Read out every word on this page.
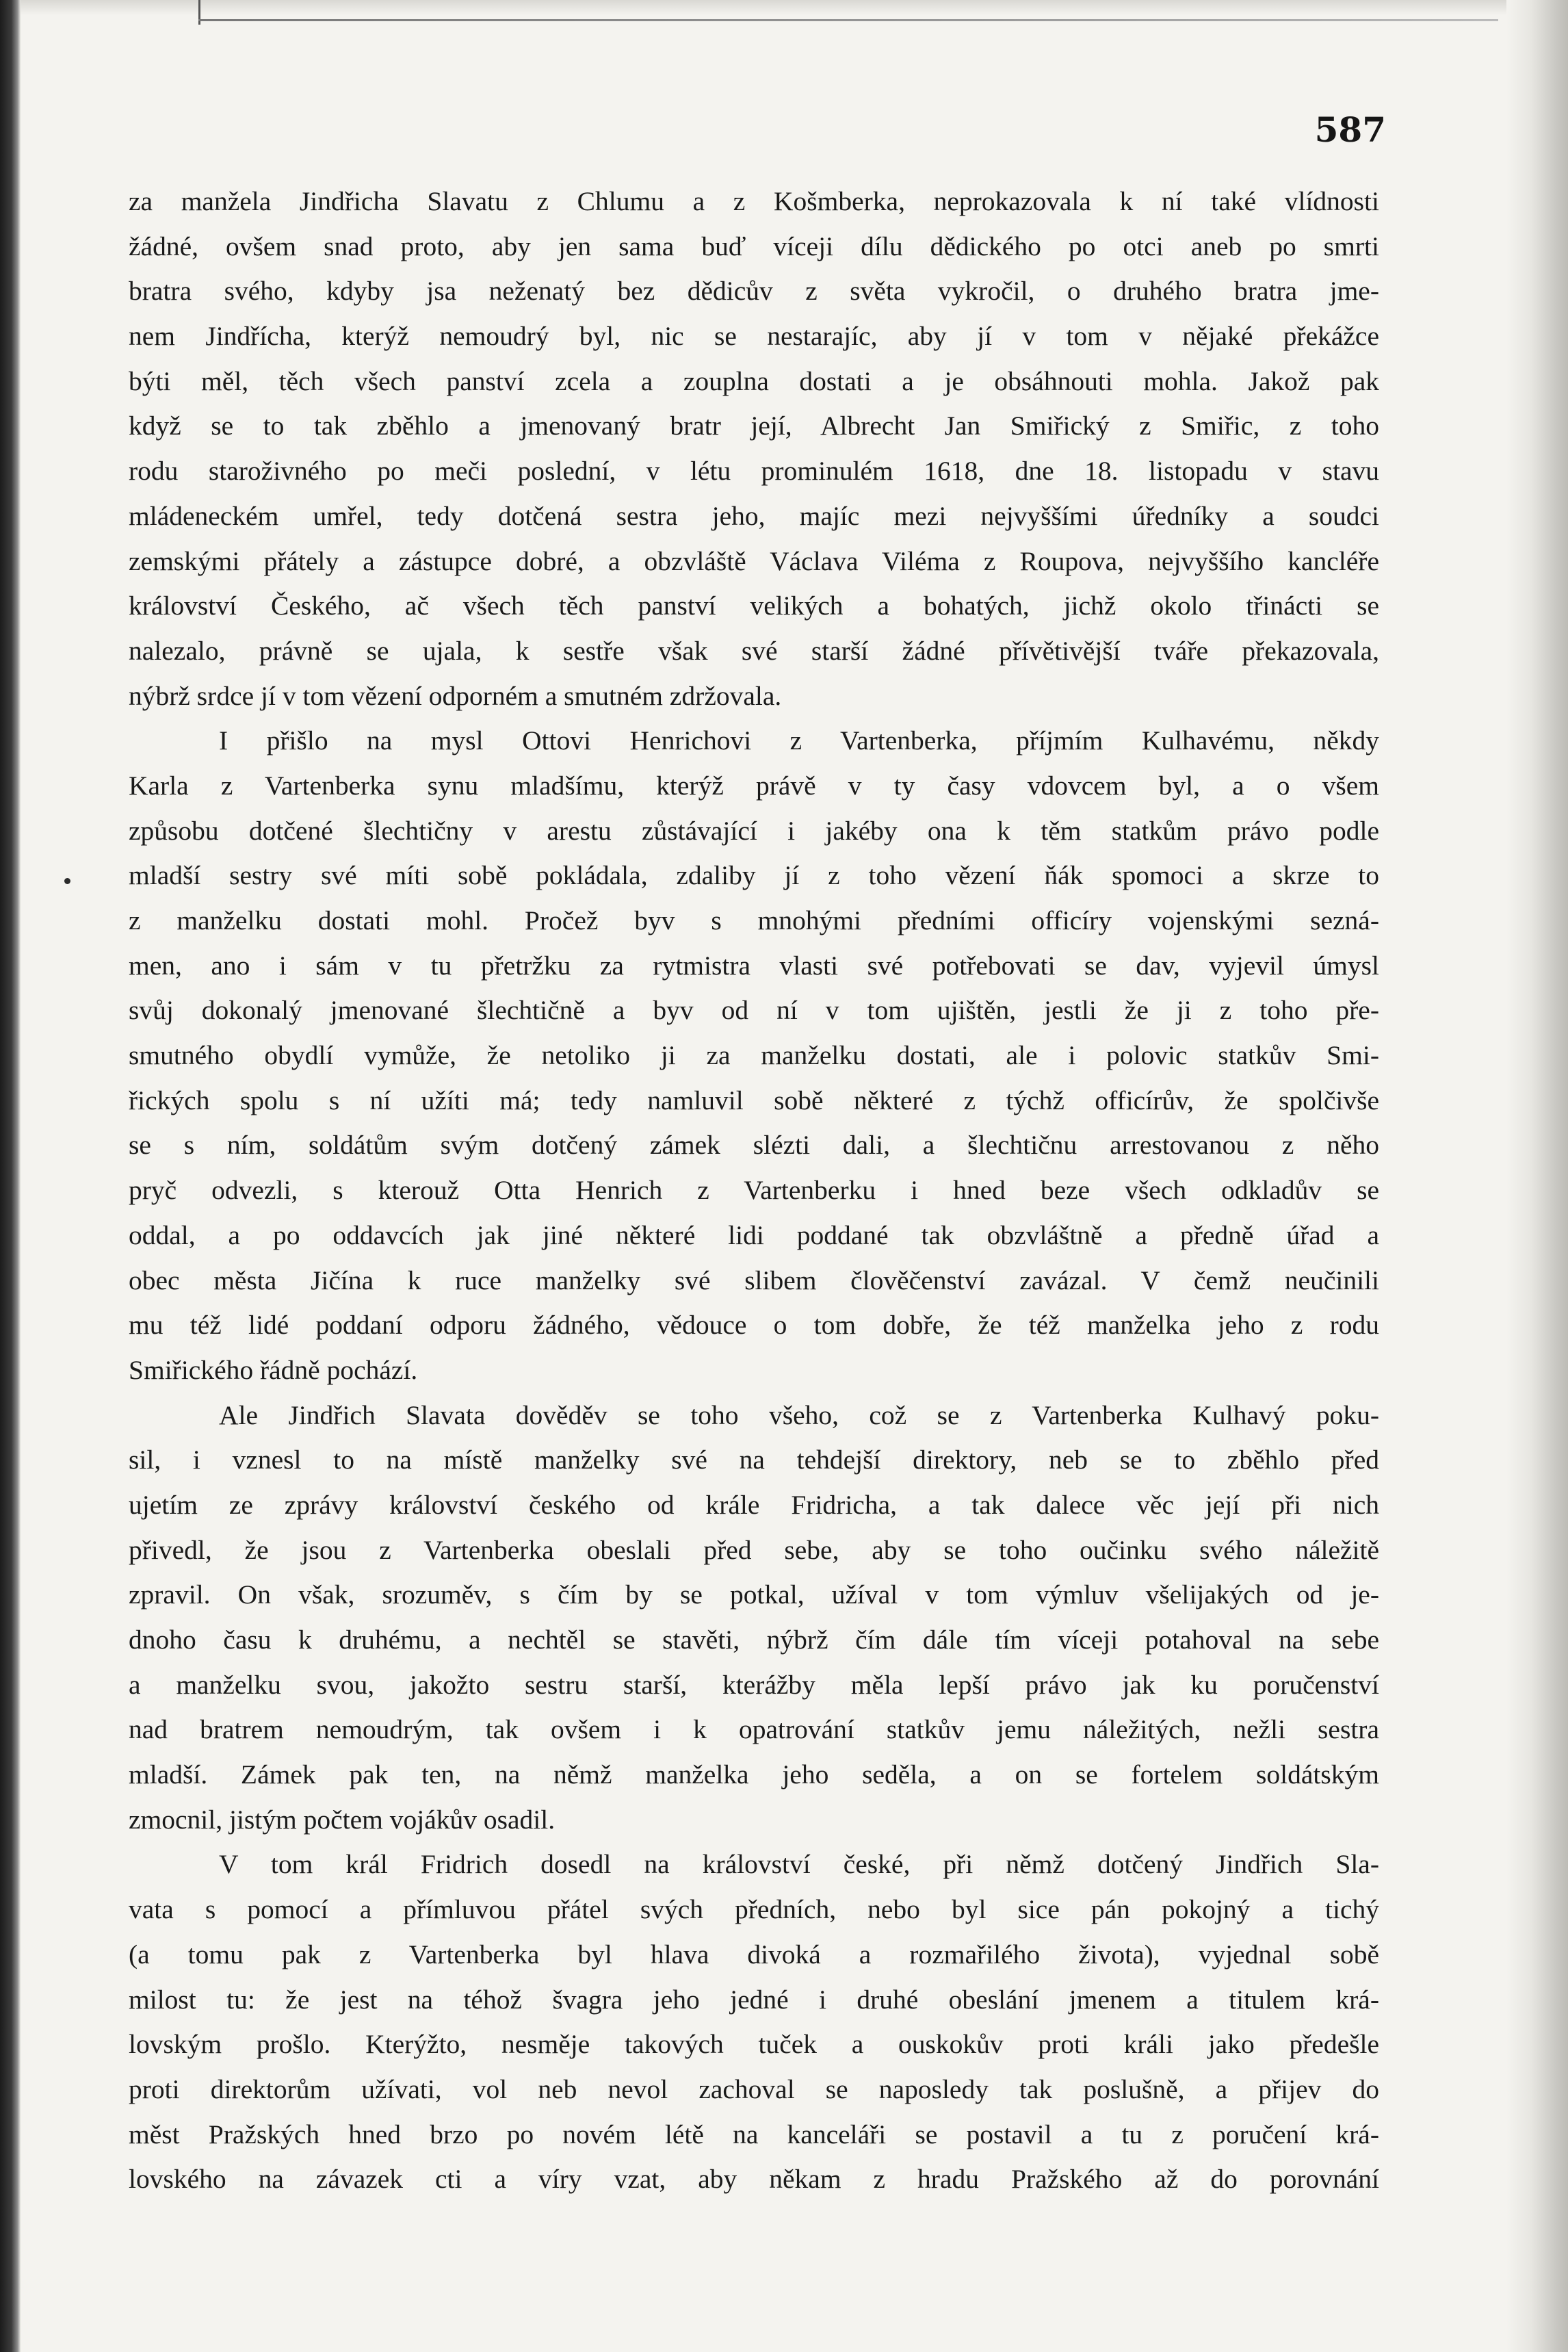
587
za manžela Jindřicha Slavatu z Chlumu a z Košmberka, neprokazovala k ní také vlídnosti
žádné, ovšem snad proto, aby jen sama buď víceji dílu dědického po otci aneb po smrti
bratra svého, kdyby jsa neženatý bez dědicův z světa vykročil, o druhého bratra jme-
nem Jindřícha, kterýž nemoudrý byl, nic se nestarajíc, aby jí v tom v nějaké překážce
býti měl, těch všech panství zcela a zouplna dostati a je obsáhnouti mohla. Jakož pak
když se to tak zběhlo a jmenovaný bratr její, Albrecht Jan Smiřický z Smiřic, z toho
rodu staroživného po meči poslední, v létu prominulém 1618, dne 18. listopadu v stavu
mládeneckém umřel, tedy dotčená sestra jeho, majíc mezi nejvyššími úředníky a soudci
zemskými přátely a zástupce dobré, a obzvláště Václava Viléma z Roupova, nejvyššího kancléře
království Českého, ač všech těch panství velikých a bohatých, jichž okolo třinácti se
nalezalo, právně se ujala, k sestře však své starší žádné přívětivější tváře překazovala,
nýbrž srdce jí v tom vězení odporném a smutném zdržovala.
I přišlo na mysl Ottovi Henrichovi z Vartenberka, příjmím Kulhavému, někdy
Karla z Vartenberka synu mladšímu, kterýž právě v ty časy vdovcem byl, a o všem
způsobu dotčené šlechtičny v arestu zůstávající i jakéby ona k těm statkům právo podle
mladší sestry své míti sobě pokládala, zdaliby jí z toho vězení ňák spomoci a skrze to
z manželku dostati mohl. Pročež byv s mnohými předními officíry vojenskými sezná-
men, ano i sám v tu přetržku za rytmistra vlasti své potřebovati se dav, vyjevil úmysl
svůj dokonalý jmenované šlechtičně a byv od ní v tom ujištěn, jestli že ji z toho pře-
smutného obydlí vymůže, že netoliko ji za manželku dostati, ale i polovic statkův Smi-
řických spolu s ní užíti má; tedy namluvil sobě některé z týchž officírův, že spolčivše
se s ním, soldátům svým dotčený zámek slézti dali, a šlechtičnu arrestovanou z něho
pryč odvezli, s kterouž Otta Henrich z Vartenberku i hned beze všech odkladův se
oddal, a po oddavcích jak jiné některé lidi poddané tak obzvláštně a předně úřad a
obec města Jičína k ruce manželky své slibem člověčenství zavázal. V čemž neučinili
mu též lidé poddaní odporu žádného, vědouce o tom dobře, že též manželka jeho z rodu
Smiřického řádně pochází.
Ale Jindřich Slavata dověděv se toho všeho, což se z Vartenberka Kulhavý poku-
sil, i vznesl to na místě manželky své na tehdejší direktory, neb se to zběhlo před
ujetím ze zprávy království českého od krále Fridricha, a tak dalece věc její při nich
přivedl, že jsou z Vartenberka obeslali před sebe, aby se toho oučinku svého náležitě
zpravil. On však, srozuměv, s čím by se potkal, užíval v tom výmluv všelijakých od je-
dnoho času k druhému, a nechtěl se stavěti, nýbrž čím dále tím víceji potahoval na sebe
a manželku svou, jakožto sestru starší, kterážby měla lepší právo jak ku poručenství
nad bratrem nemoudrým, tak ovšem i k opatrování statkův jemu náležitých, nežli sestra
mladší. Zámek pak ten, na němž manželka jeho seděla, a on se fortelem soldátským
zmocnil, jistým počtem vojákův osadil.
V tom král Fridrich dosedl na království české, při němž dotčený Jindřich Sla-
vata s pomocí a přímluvou přátel svých předních, nebo byl sice pán pokojný a tichý
(a tomu pak z Vartenberka byl hlava divoká a rozmařilého života), vyjednal sobě
milost tu: že jest na téhož švagra jeho jedné i druhé obeslání jmenem a titulem krá-
lovským prošlo. Kterýžto, nesměje takových tuček a ouskokův proti králi jako předešle
proti direktorům užívati, vol neb nevol zachoval se naposledy tak poslušně, a přijev do
měst Pražských hned brzo po novém létě na kanceláři se postavil a tu z poručení krá-
lovského na závazek cti a víry vzat, aby někam z hradu Pražského až do porovnání
